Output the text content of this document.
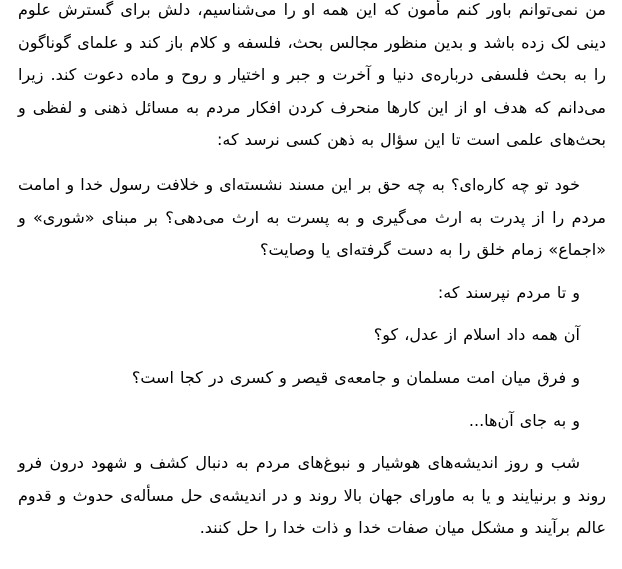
من نمی‌توانم باور کنم مأمون که این همه او را می‌شناسیم، دلش برای گسترش علوم دینی لک زده باشد و بدین منظور مجالس بحث، فلسفه و کلام باز کند و علمای گوناگون را به بحث فلسفی درباره‌ی دنیا و آخرت و جبر و اختیار و روح و ماده دعوت کند. زیرا می‌دانم که هدف او از این کارها منحرف کردن افکار مردم به مسائل ذهنی و لفظی و بحث‌های علمی است تا این سؤال به ذهن کسی نرسد که:

خود تو چه کاره‌ای؟ به چه حق بر این مسند نشسته‌ای و خلافت رسول خدا و امامت مردم را از پدرت به ارث می‌گیری و به پسرت به ارث می‌دهی؟ بر مبنای «شوری» و «اجماع» زمام خلق را به دست گرفته‌ای یا وصایت؟

و تا مردم نپرسند که:

آن همه داد اسلام از عدل، کو؟

و فرق میان امت مسلمان و جامعه‌ی قیصر و کسری در کجا است؟

و به جای آن‌ها...

شب و روز اندیشه‌های هوشیار و نبوغ‌های مردم به دنبال کشف و شهود درون فرو روند و برنیایند و یا به ماورای جهان بالا روند و در اندیشه‌ی حل مسأله‌ی حدوث و قدوم عالم برآیند و مشکل میان صفات خدا و ذات خدا را حل کنند.
